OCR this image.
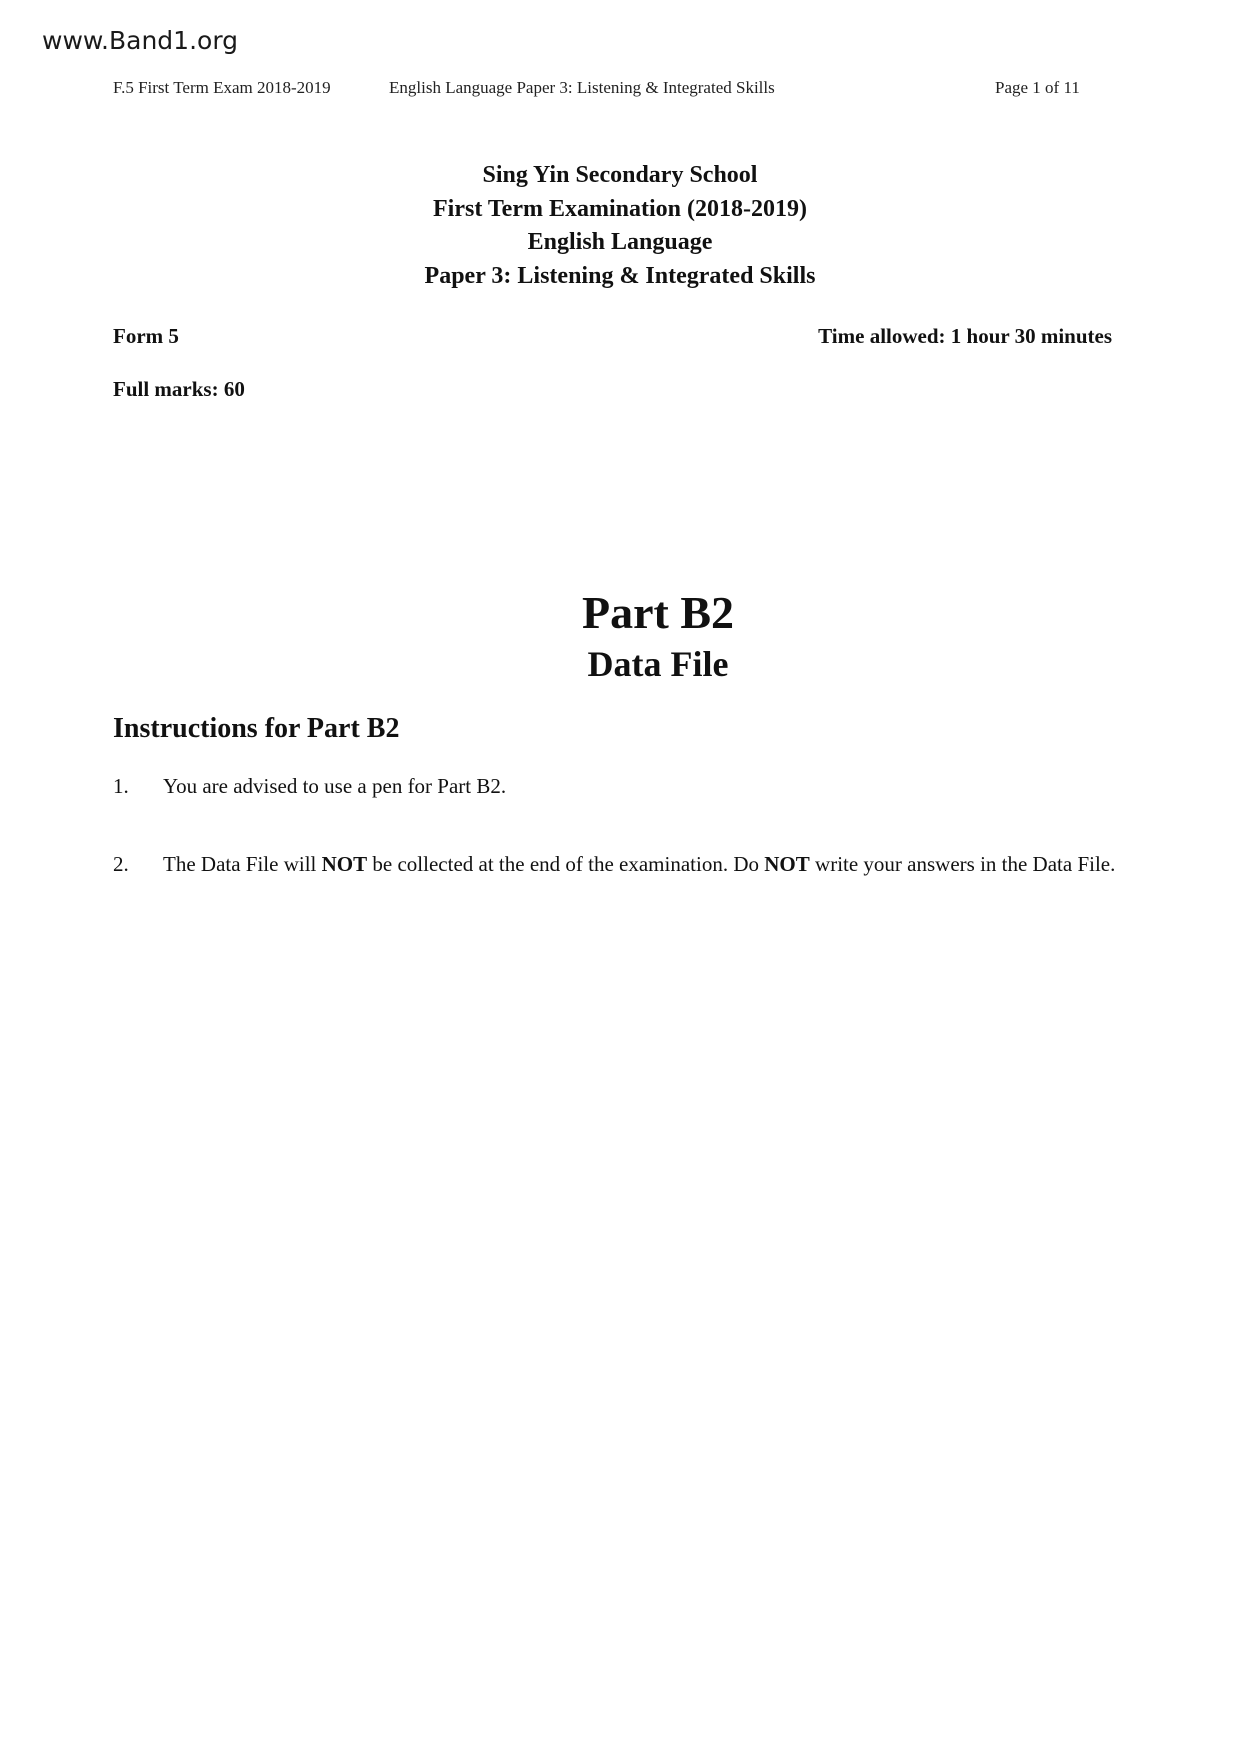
www.Band1.org
F.5 First Term Exam 2018-2019	English Language Paper 3: Listening & Integrated Skills	Page 1 of 11
Sing Yin Secondary School
First Term Examination (2018-2019)
English Language
Paper 3: Listening & Integrated Skills
Form 5	Time allowed: 1 hour 30 minutes
Full marks: 60
Part B2
Data File
Instructions for Part B2
1. You are advised to use a pen for Part B2.
2. The Data File will NOT be collected at the end of the examination. Do NOT write your answers in the Data File.
